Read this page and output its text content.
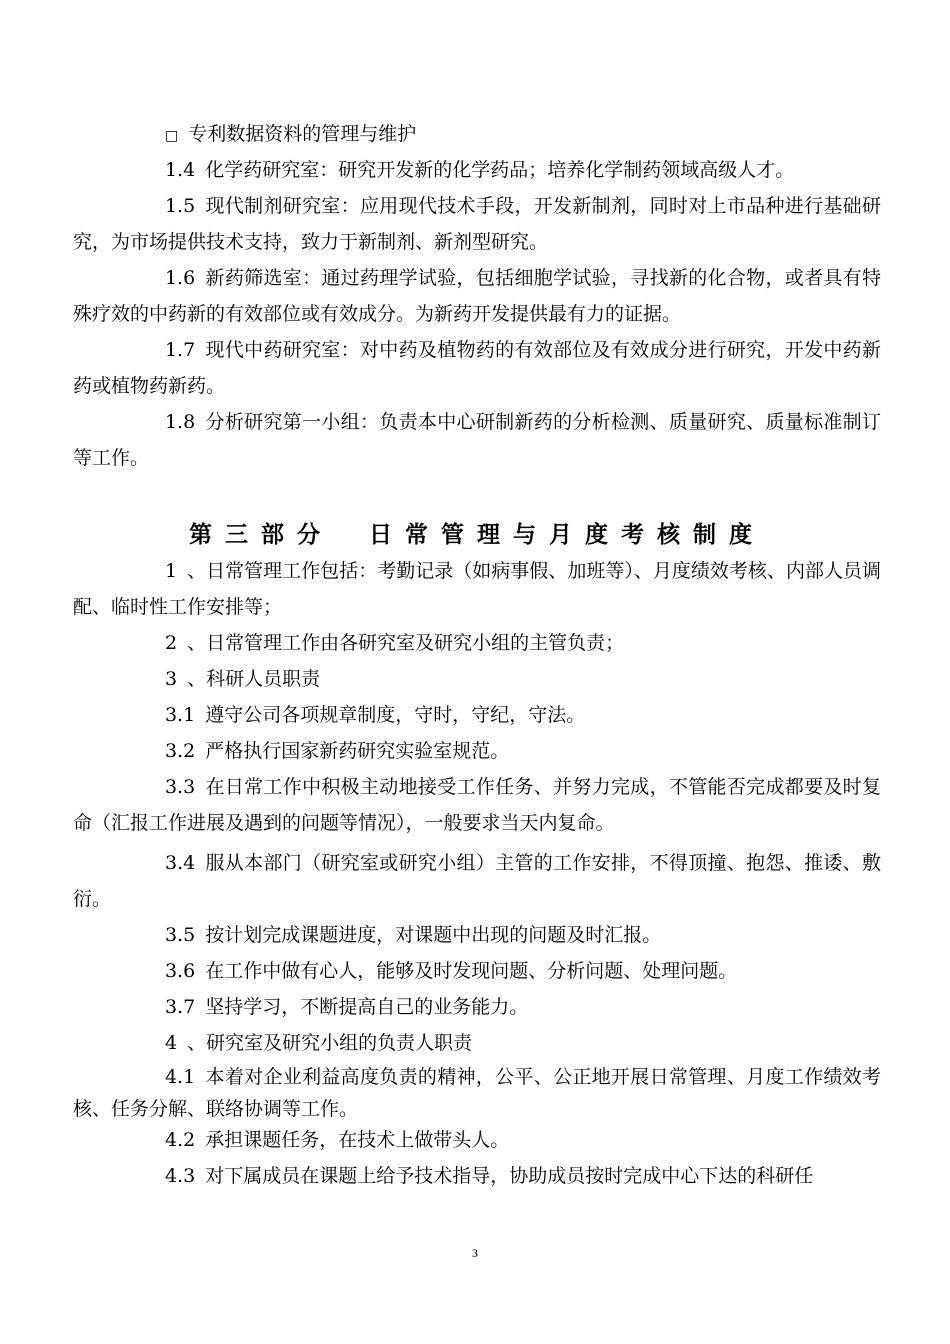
□ 专利数据资料的管理与维护

1.4 化学药研究室：研究开发新的化学药品；培养化学制药领域高级人才。

1.5 现代制剂研究室：应用现代技术手段，开发新制剂，同时对上市品种进行基础研究，为市场提供技术支持，致力于新制剂、新剂型研究。

1.6 新药筛选室：通过药理学试验，包括细胞学试验，寻找新的化合物，或者具有特殊疗效的中药新的有效部位或有效成分。为新药开发提供最有力的证据。

1.7 现代中药研究室：对中药及植物药的有效部位及有效成分进行研究，开发中药新药或植物药新药。

1.8 分析研究第一小组：负责本中心研制新药的分析检测、质量研究、质量标准制订等工作。

第三部分　日常管理与月度考核制度

1 、日常管理工作包括：考勤记录（如病事假、加班等）、月度绩效考核、内部人员调配、临时性工作安排等；

2 、日常管理工作由各研究室及研究小组的主管负责；

3 、科研人员职责

3.1 遵守公司各项规章制度，守时，守纪，守法。

3.2 严格执行国家新药研究实验室规范。

3.3 在日常工作中积极主动地接受工作任务、并努力完成，不管能否完成都要及时复命（汇报工作进展及遇到的问题等情况），一般要求当天内复命。

3.4 服从本部门（研究室或研究小组）主管的工作安排，不得顶撞、抱怨、推诿、敷衍。

3.5 按计划完成课题进度，对课题中出现的问题及时汇报。

3.6 在工作中做有心人，能够及时发现问题、分析问题、处理问题。

3.7 坚持学习，不断提高自己的业务能力。

4 、研究室及研究小组的负责人职责

4.1 本着对企业利益高度负责的精神，公平、公正地开展日常管理、月度工作绩效考核、任务分解、联络协调等工作。

4.2 承担课题任务，在技术上做带头人。

4.3 对下属成员在课题上给予技术指导，协助成员按时完成中心下达的科研任

3
